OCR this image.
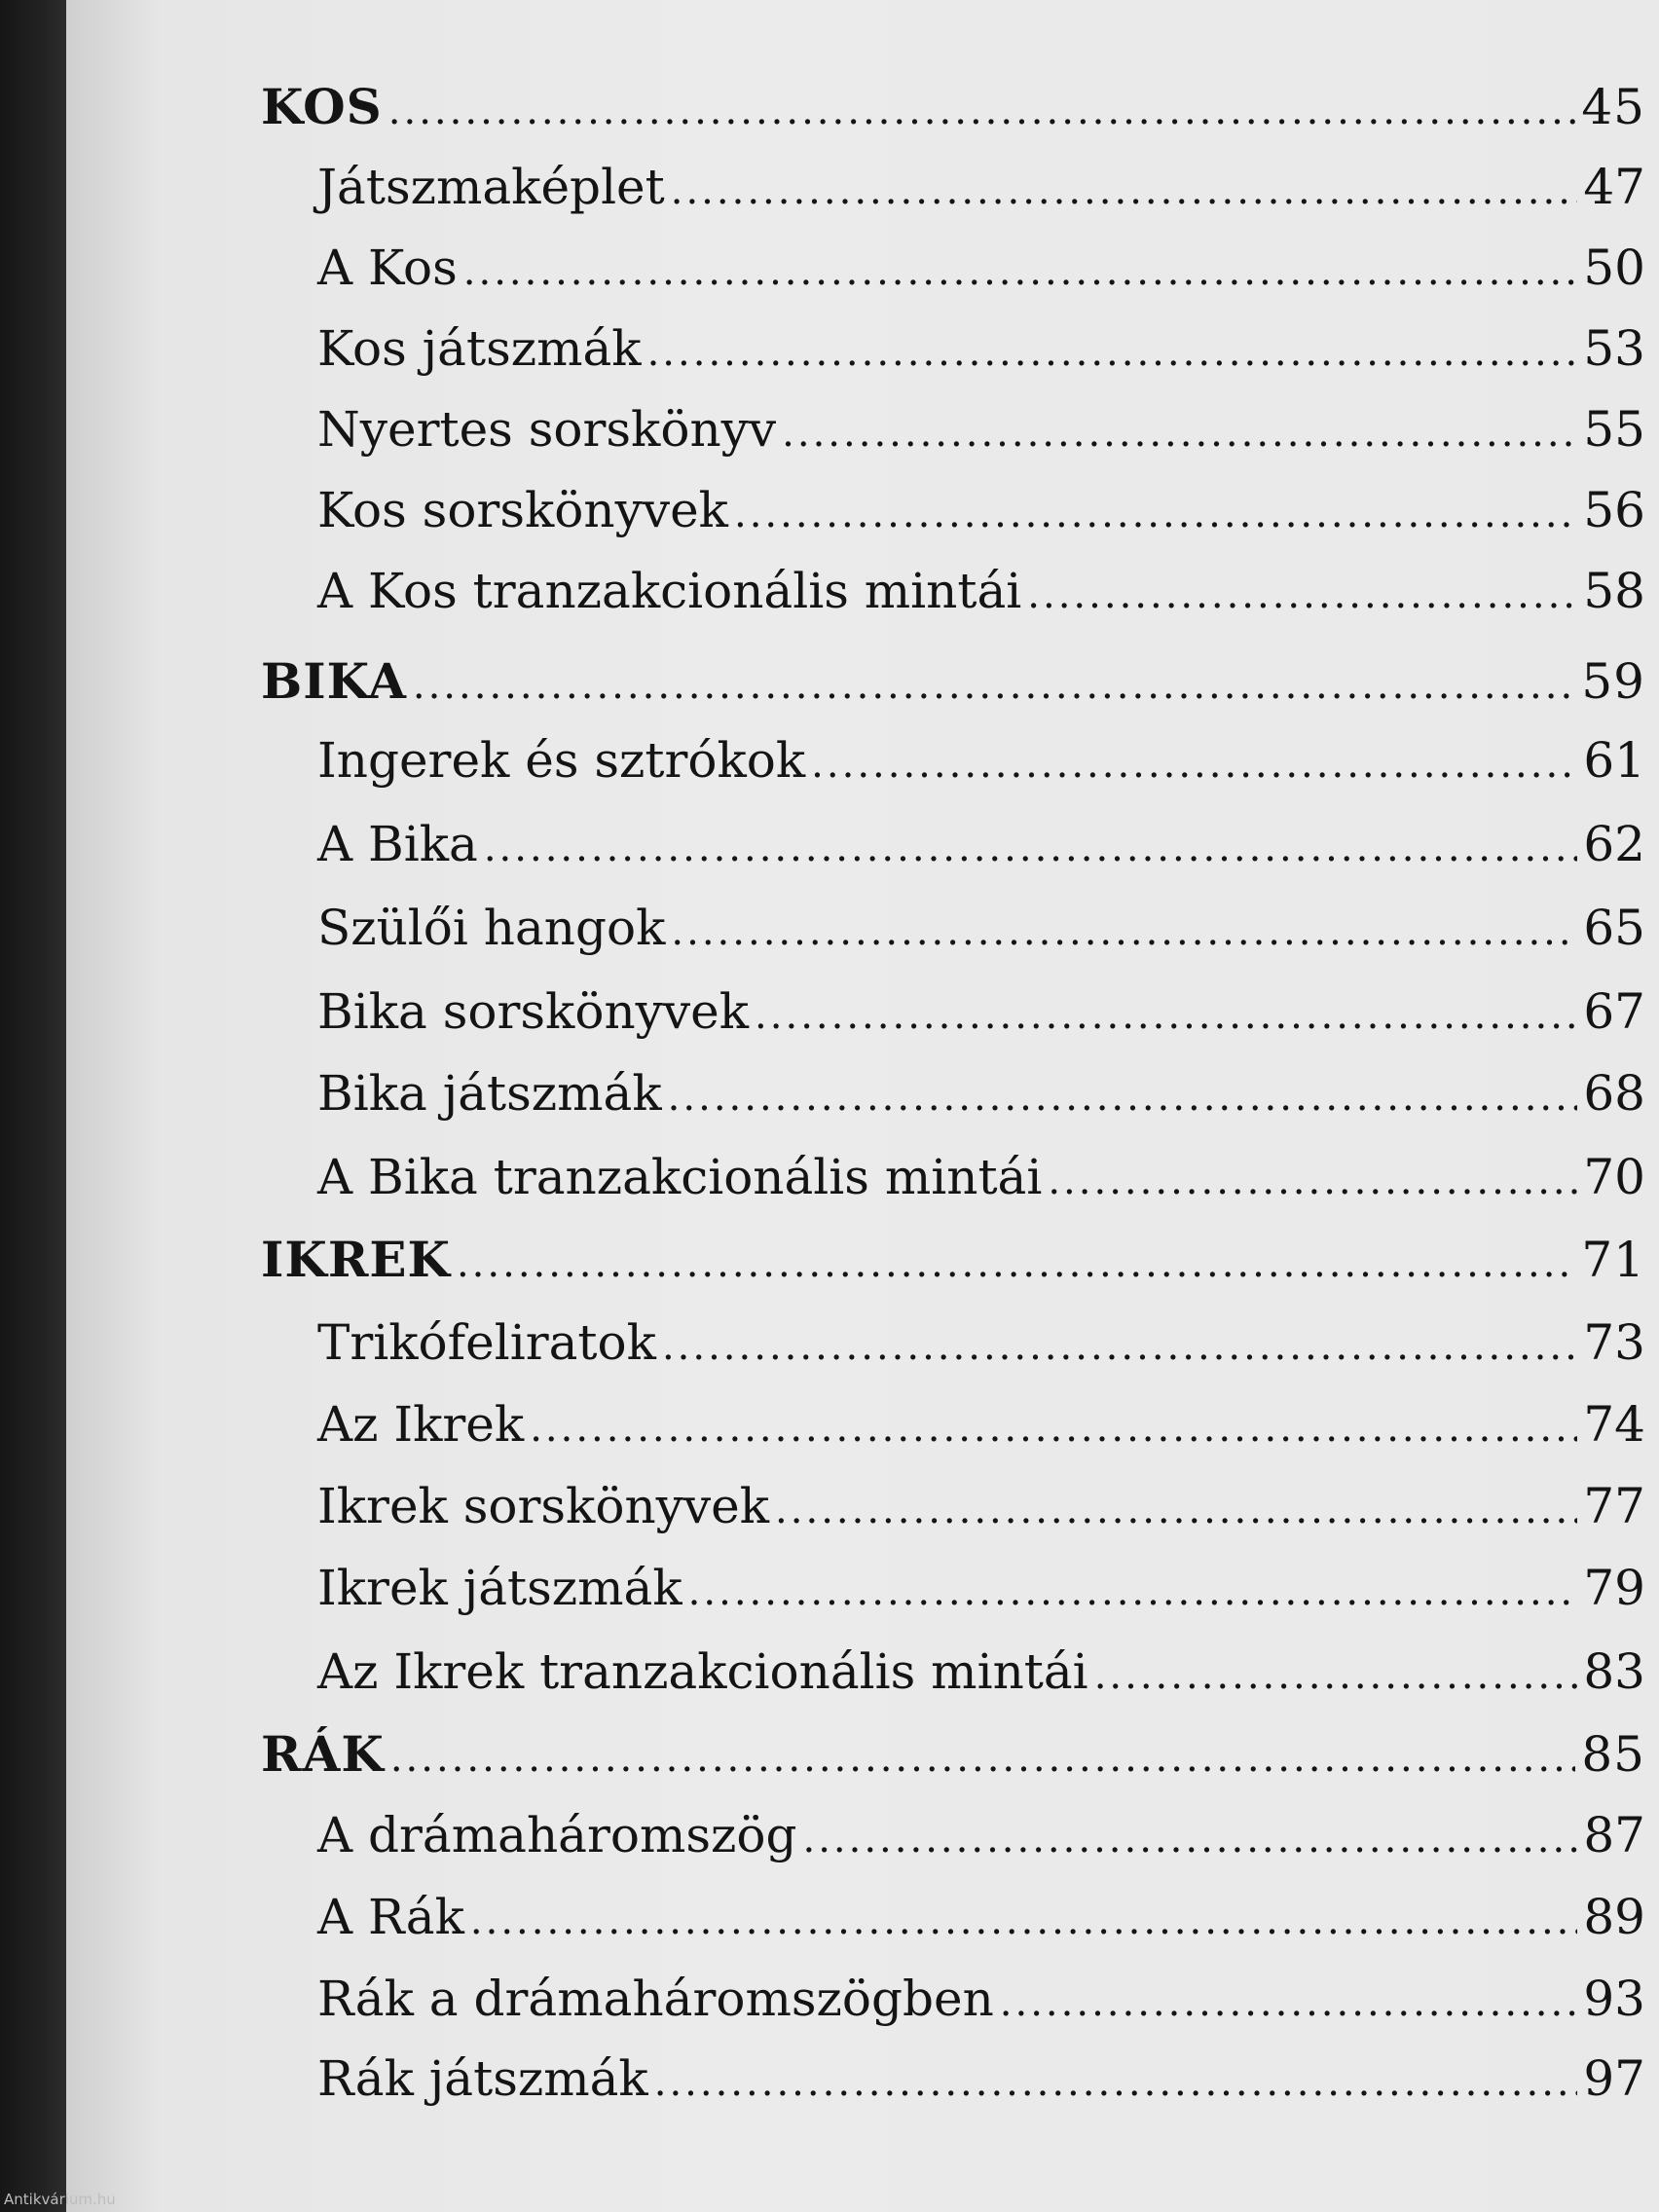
KOS .....	45
Játszmaképlet .....	47
A Kos .....	50
Kos játszmák .....	53
Nyertes sorskönyv .....	55
Kos sorskönyvek .....	56
A Kos tranzakcionális mintái .....	58
BIKA .....	59
Ingerek és sztrókok .....	61
A Bika .....	62
Szülői hangok .....	65
Bika sorskönyvek .....	67
Bika játszmák .....	68
A Bika tranzakcionális mintái .....	70
IKREK .....	71
Trikófeliratok .....	73
Az Ikrek .....	74
Ikrek sorskönyvek .....	77
Ikrek játszmák .....	79
Az Ikrek tranzakcionális mintái .....	83
RÁK .....	85
A drámaháromszög .....	87
A Rák .....	89
Rák a drámaháromszögben .....	93
Rák játszmák .....	97
Antikvárium.hu
